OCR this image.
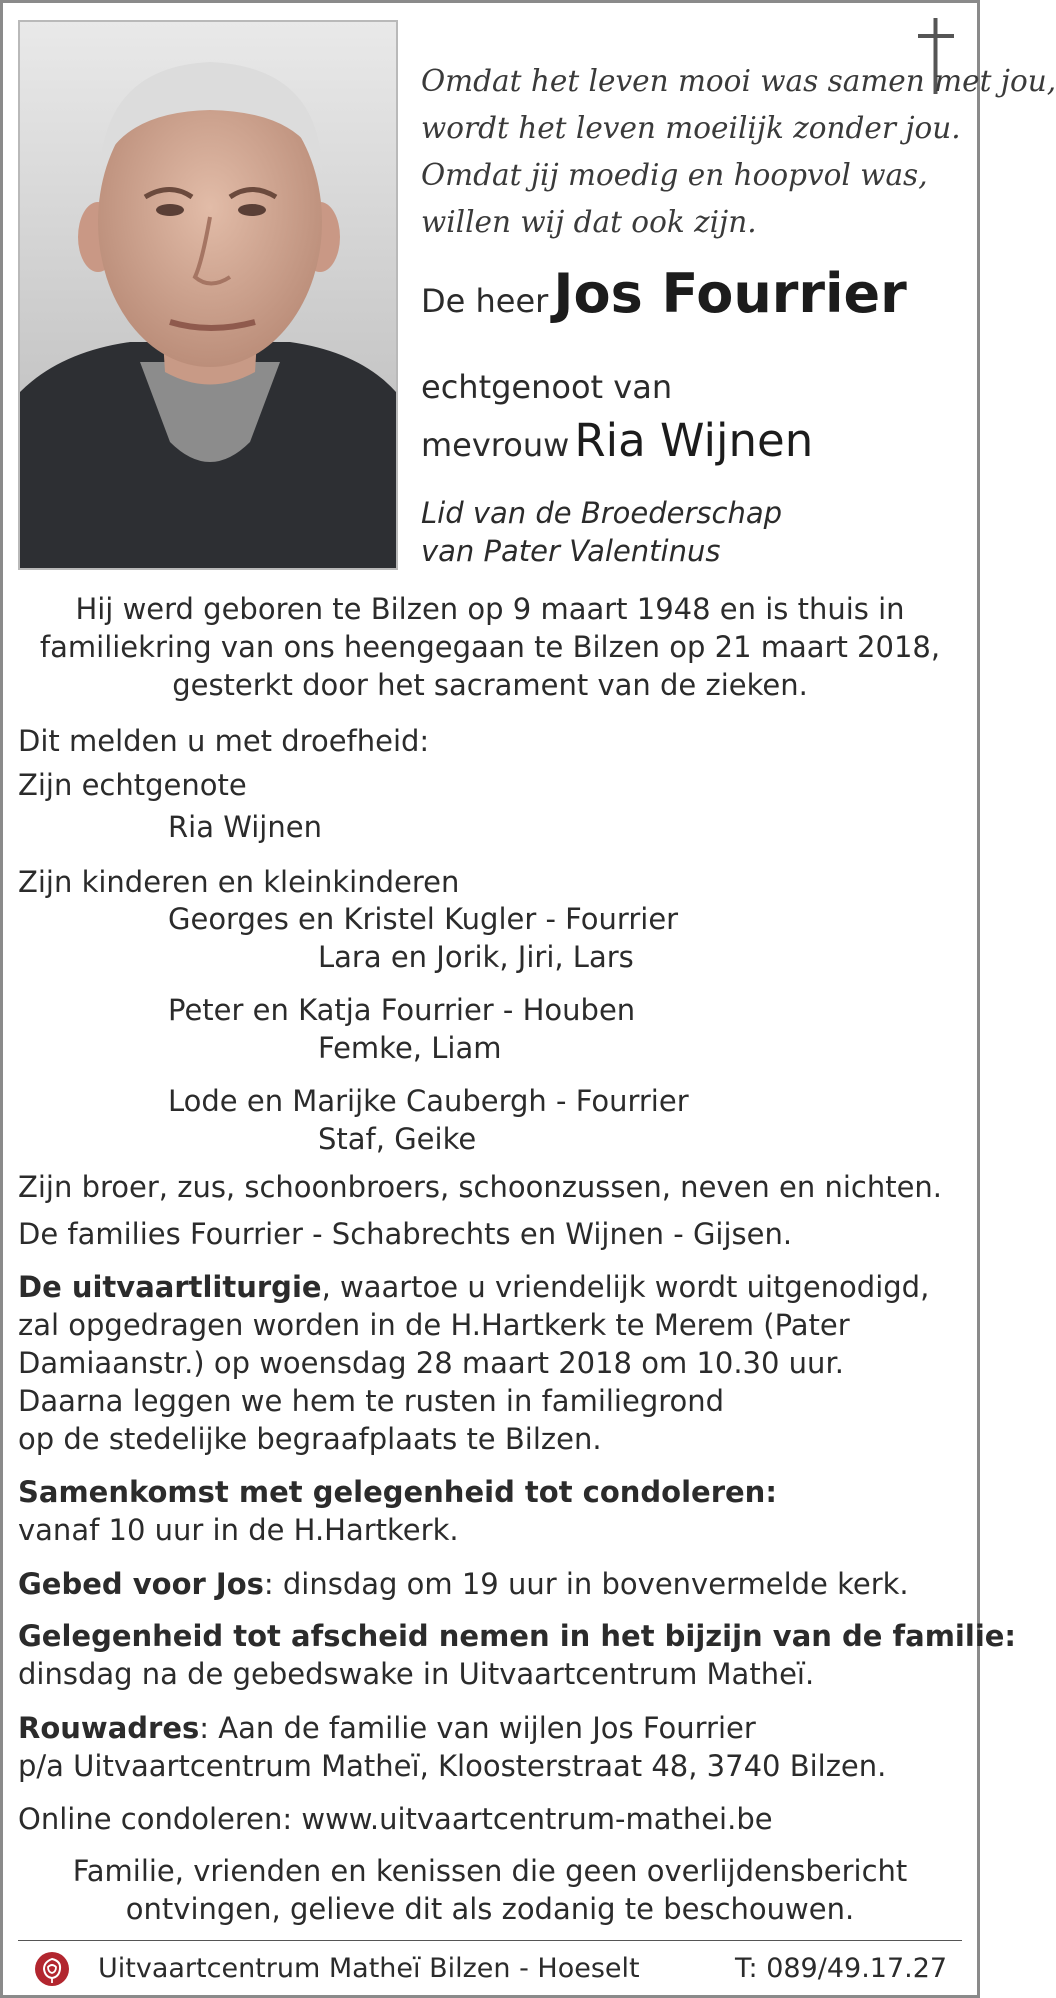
Omdat het leven mooi was samen met jou,
wordt het leven moeilijk zonder jou.
Omdat jij moedig en hoopvol was,
willen wij dat ook zijn.
De heer Jos Fourrier
echtgenoot van
mevrouw Ria Wijnen
Lid van de Broederschap
van Pater Valentinus
Hij werd geboren te Bilzen op 9 maart 1948 en is thuis in
familiekring van ons heengegaan te Bilzen op 21 maart 2018,
gesterkt door het sacrament van de zieken.
Dit melden u met droefheid:
Zijn echtgenote
Ria Wijnen
Zijn kinderen en kleinkinderen
Georges en Kristel Kugler - Fourrier
Lara en Jorik, Jiri, Lars
Peter en Katja Fourrier - Houben
Femke, Liam
Lode en Marijke Caubergh - Fourrier
Staf, Geike
Zijn broer, zus, schoonbroers, schoonzussen, neven en nichten.
De families Fourrier - Schabrechts en Wijnen - Gijsen.
De uitvaartliturgie, waartoe u vriendelijk wordt uitgenodigd,
zal opgedragen worden in de H.Hartkerk te Merem (Pater
Damiaanstr.) op woensdag 28 maart 2018 om 10.30 uur.
Daarna leggen we hem te rusten in familiegrond
op de stedelijke begraafplaats te Bilzen.
Samenkomst met gelegenheid tot condoleren:
vanaf 10 uur in de H.Hartkerk.
Gebed voor Jos: dinsdag om 19 uur in bovenvermelde kerk.
Gelegenheid tot afscheid nemen in het bijzijn van de familie:
dinsdag na de gebedswake in Uitvaartcentrum Matheï.
Rouwadres: Aan de familie van wijlen Jos Fourrier
p/a Uitvaartcentrum Matheï, Kloosterstraat 48, 3740 Bilzen.
Online condoleren: www.uitvaartcentrum-mathei.be
Familie, vrienden en kenissen die geen overlijdensbericht
ontvingen, gelieve dit als zodanig te beschouwen.
Uitvaartcentrum Matheï Bilzen - Hoeselt	T: 089/49.17.27
